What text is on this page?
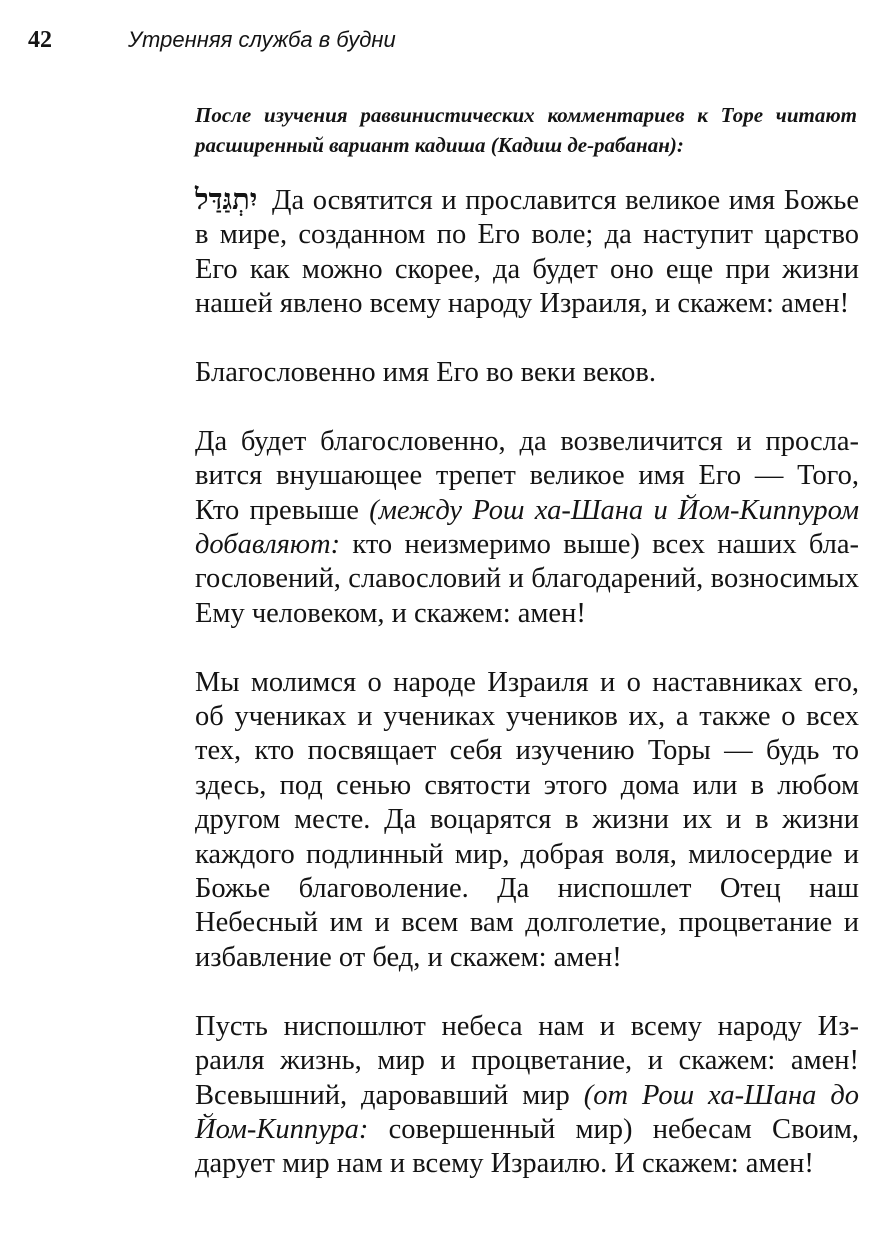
42	Утренняя служба в будни

После изучения раввинистических комментариев к Торе читают расширенный вариант кадиша (Кадиш де-рабанан):

יִתְגַּדַּל Да освятится и прославится великое имя Божье в мире, созданном по Его воле; да наступит царство Его как можно скорее, да будет оно еще при жизни нашей явлено всему народу Израиля, и скажем: амен!

Благословенно имя Его во веки веков.

Да будет благословенно, да возвеличится и прославится внушающее трепет великое имя Его — Того, Кто превыше (между Рош ха-Шана и Йом-Киппуром добавляют: кто неизмеримо выше) всех наших благословений, славословий и благодарений, возносимых Ему человеком, и скажем: амен!

Мы молимся о народе Израиля и о наставниках его, об учениках и учениках учеников их, а также о всех тех, кто посвящает себя изучению Торы — будь то здесь, под сенью святости этого дома или в любом другом месте. Да воцарятся в жизни их и в жизни каждого подлинный мир, добрая воля, милосердие и Божье благоволение. Да ниспошлет Отец наш Небесный им и всем вам долголетие, процветание и избавление от бед, и скажем: амен!

Пусть ниспошлют небеса нам и всему народу Израиля жизнь, мир и процветание, и скажем: амен! Всевышний, даровавший мир (от Рош ха-Шана до Йом-Киппура: совершенный мир) небесам Своим, дарует мир нам и всему Израилю. И скажем: амен!
